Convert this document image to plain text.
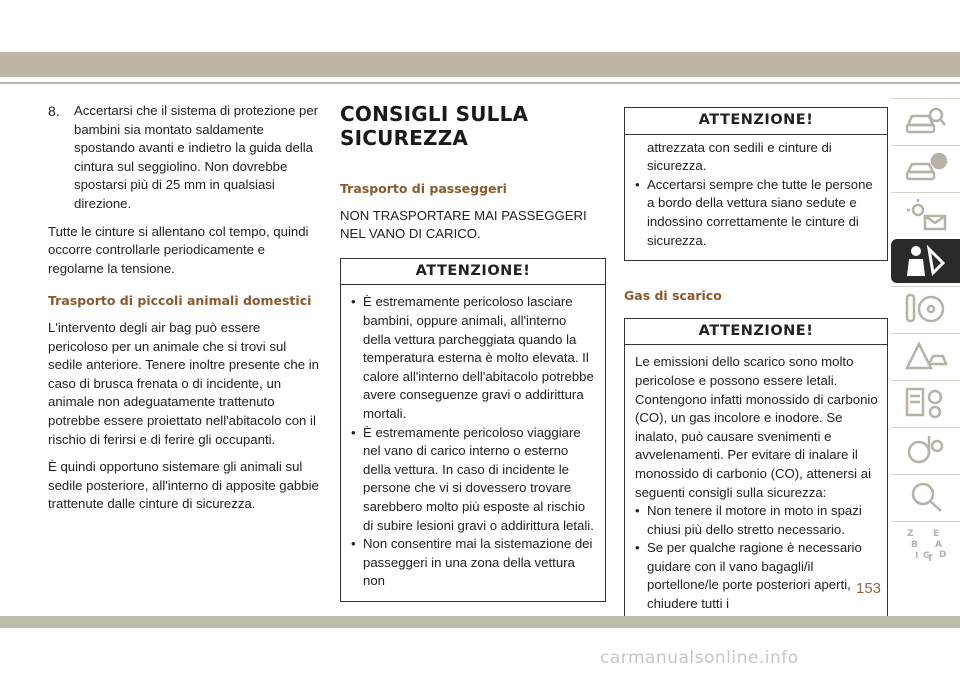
8.	Accertarsi che il sistema di protezione per bambini sia montato saldamente spostando avanti e indietro la guida della cintura sul seggiolino. Non dovrebbe spostarsi più di 25 mm in qualsiasi direzione.

Tutte le cinture si allentano col tempo, quindi occorre controllarle periodicamente e regolarne la tensione.

Trasporto di piccoli animali domestici

L'intervento degli air bag può essere pericoloso per un animale che si trovi sul sedile anteriore. Tenere inoltre presente che in caso di brusca frenata o di incidente, un animale non adeguatamente trattenuto potrebbe essere proiettato nell'abitacolo con il rischio di ferirsi e di ferire gli occupanti.

È quindi opportuno sistemare gli animali sul sedile posteriore, all'interno di apposite gabbie trattenute dalle cinture di sicurezza.

CONSIGLI SULLA SICUREZZA
Trasporto di passeggeri

NON TRASPORTARE MAI PASSEGGERI NEL VANO DI CARICO.

ATTENZIONE!
• È estremamente pericoloso lasciare bambini, oppure animali, all'interno della vettura parcheggiata quando la temperatura esterna è molto elevata. Il calore all'interno dell'abitacolo potrebbe avere conseguenze gravi o addirittura mortali.
• È estremamente pericoloso viaggiare nel vano di carico interno o esterno della vettura. In caso di incidente le persone che vi si dovessero trovare sarebbero molto più esposte al rischio di subire lesioni gravi o addirittura letali.
• Non consentire mai la sistemazione dei passeggeri in una zona della vettura non
ATTENZIONE!

attrezzata con sedili e cinture di sicurezza.

• Accertarsi sempre che tutte le persone a bordo della vettura siano sedute e indossino correttamente le cinture di sicurezza.
Gas di scarico
ATTENZIONE!

Le emissioni dello scarico sono molto pericolose e possono essere letali. Contengono infatti monossido di carbonio (CO), un gas incolore e inodore. Se inalato, può causare svenimenti e avvelenamenti. Per evitare di inalare il monossido di carbonio (CO), attenersi ai seguenti consigli sulla sicurezza:

• Non tenere il motore in moto in spazi chiusi più dello stretto necessario.
• Se per qualche ragione è necessario guidare con il vano bagagli/il portellone/le porte posteriori aperti, chiudere tutti i
Z E
B A
I C D
T
153
carmanualsonline.info
